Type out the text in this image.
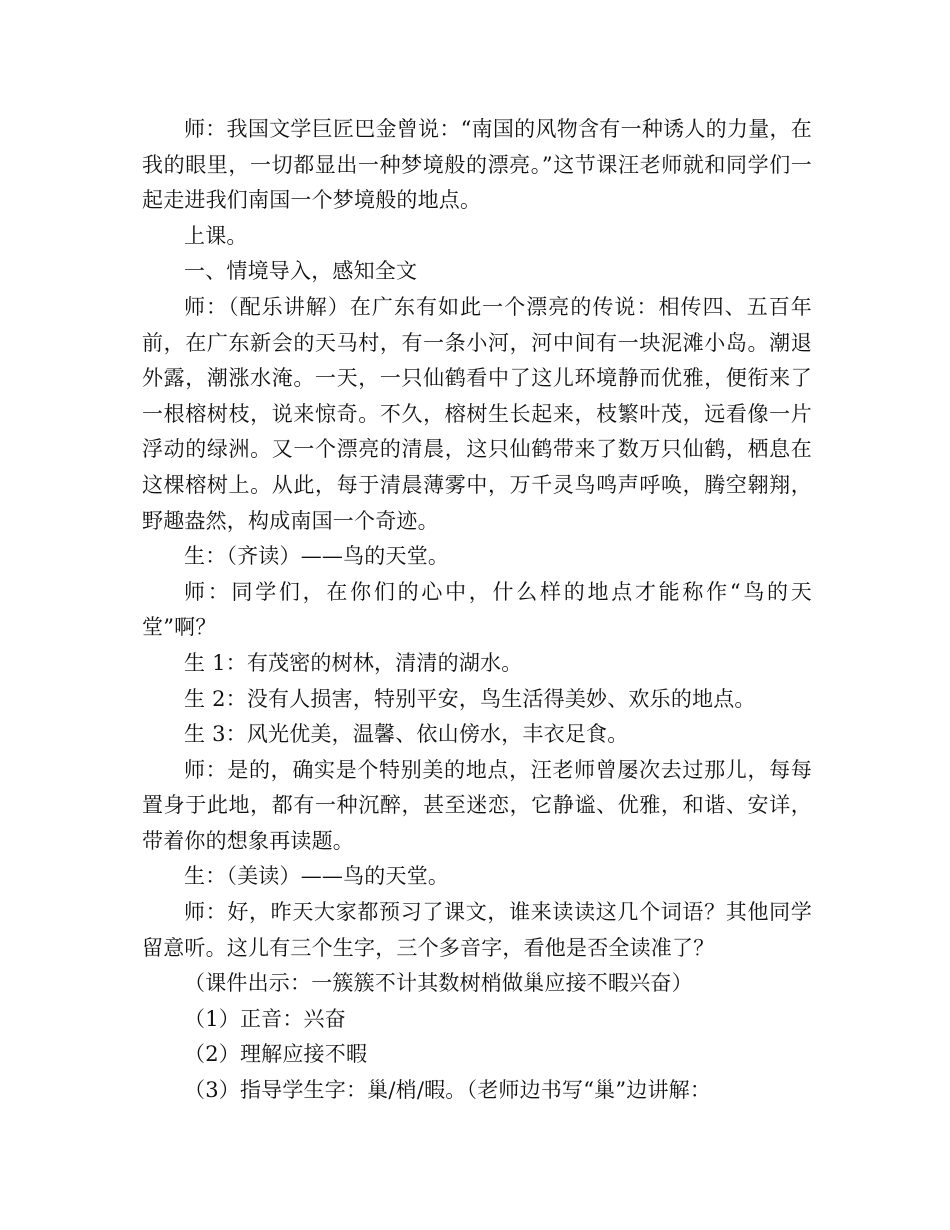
师：我国文学巨匠巴金曾说：“南国的风物含有一种诱人的力量，在我的眼里，一切都显出一种梦境般的漂亮。”这节课汪老师就和同学们一起走进我们南国一个梦境般的地点。

上课。

一、情境导入，感知全文

师：（配乐讲解）在广东有如此一个漂亮的传说：相传四、五百年前，在广东新会的天马村，有一条小河，河中间有一块泥滩小岛。潮退外露，潮涨水淹。一天，一只仙鹤看中了这儿环境静而优雅，便衔来了一根榕树枝，说来惊奇。不久，榕树生长起来，枝繁叶茂，远看像一片浮动的绿洲。又一个漂亮的清晨，这只仙鹤带来了数万只仙鹤，栖息在这棵榕树上。从此，每于清晨薄雾中，万千灵鸟鸣声呼唤，腾空翱翔，野趣盎然，构成南国一个奇迹。

生：（齐读）——鸟的天堂。

师：同学们，在你们的心中，什么样的地点才能称作“鸟的天堂”啊？

生 1：有茂密的树林，清清的湖水。

生 2：没有人损害，特别平安，鸟生活得美妙、欢乐的地点。

生 3：风光优美，温馨、依山傍水，丰衣足食。

师：是的，确实是个特别美的地点，汪老师曾屡次去过那儿，每每置身于此地，都有一种沉醉，甚至迷恋，它静谧、优雅，和谐、安详，带着你的想象再读题。

生：（美读）——鸟的天堂。

师：好，昨天大家都预习了课文，谁来读读这几个词语？其他同学留意听。这儿有三个生字，三个多音字，看他是否全读准了？

（课件出示：一簇簇不计其数树梢做巢应接不暇兴奋）

（1）正音：兴奋

（2）理解应接不暇

（3）指导学生字：巢/梢/暇。（老师边书写“巢”边讲解：
